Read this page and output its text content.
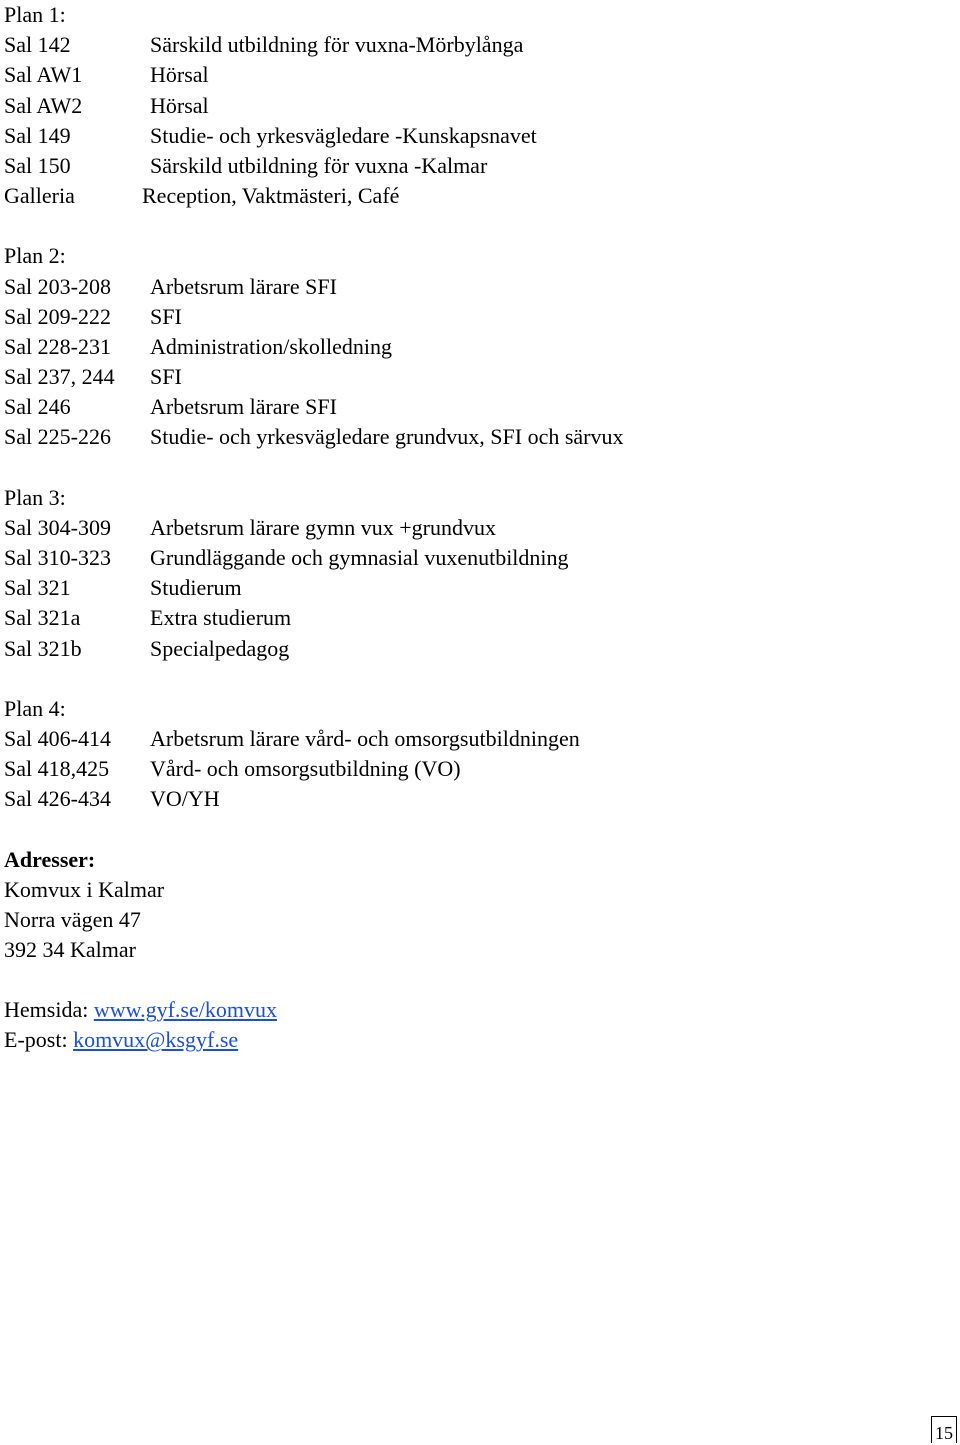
Plan 1:
Sal 142	Särskild utbildning för vuxna-Mörbylånga
Sal AW1	Hörsal
Sal AW2	Hörsal
Sal 149	Studie- och yrkesvägledare -Kunskapsnavet
Sal 150	Särskild utbildning för vuxna -Kalmar
Galleria	Reception, Vaktmästeri, Café
Plan 2:
Sal 203-208	Arbetsrum lärare SFI
Sal 209-222	SFI
Sal 228-231	Administration/skolledning
Sal 237, 244	SFI
Sal 246	Arbetsrum lärare SFI
Sal 225-226	Studie- och yrkesvägledare grundvux, SFI och särvux
Plan 3:
Sal 304-309	Arbetsrum lärare gymn vux +grundvux
Sal 310-323	Grundläggande och gymnasial vuxenutbildning
Sal 321	Studierum
Sal 321a	Extra studierum
Sal 321b	Specialpedagog
Plan 4:
Sal 406-414	Arbetsrum lärare vård- och omsorgsutbildningen
Sal 418,425	Vård- och omsorgsutbildning (VO)
Sal 426-434	VO/YH
Adresser:
Komvux i Kalmar
Norra vägen 47
392 34 Kalmar
Hemsida: www.gyf.se/komvux
E-post: komvux@ksgyf.se
15
